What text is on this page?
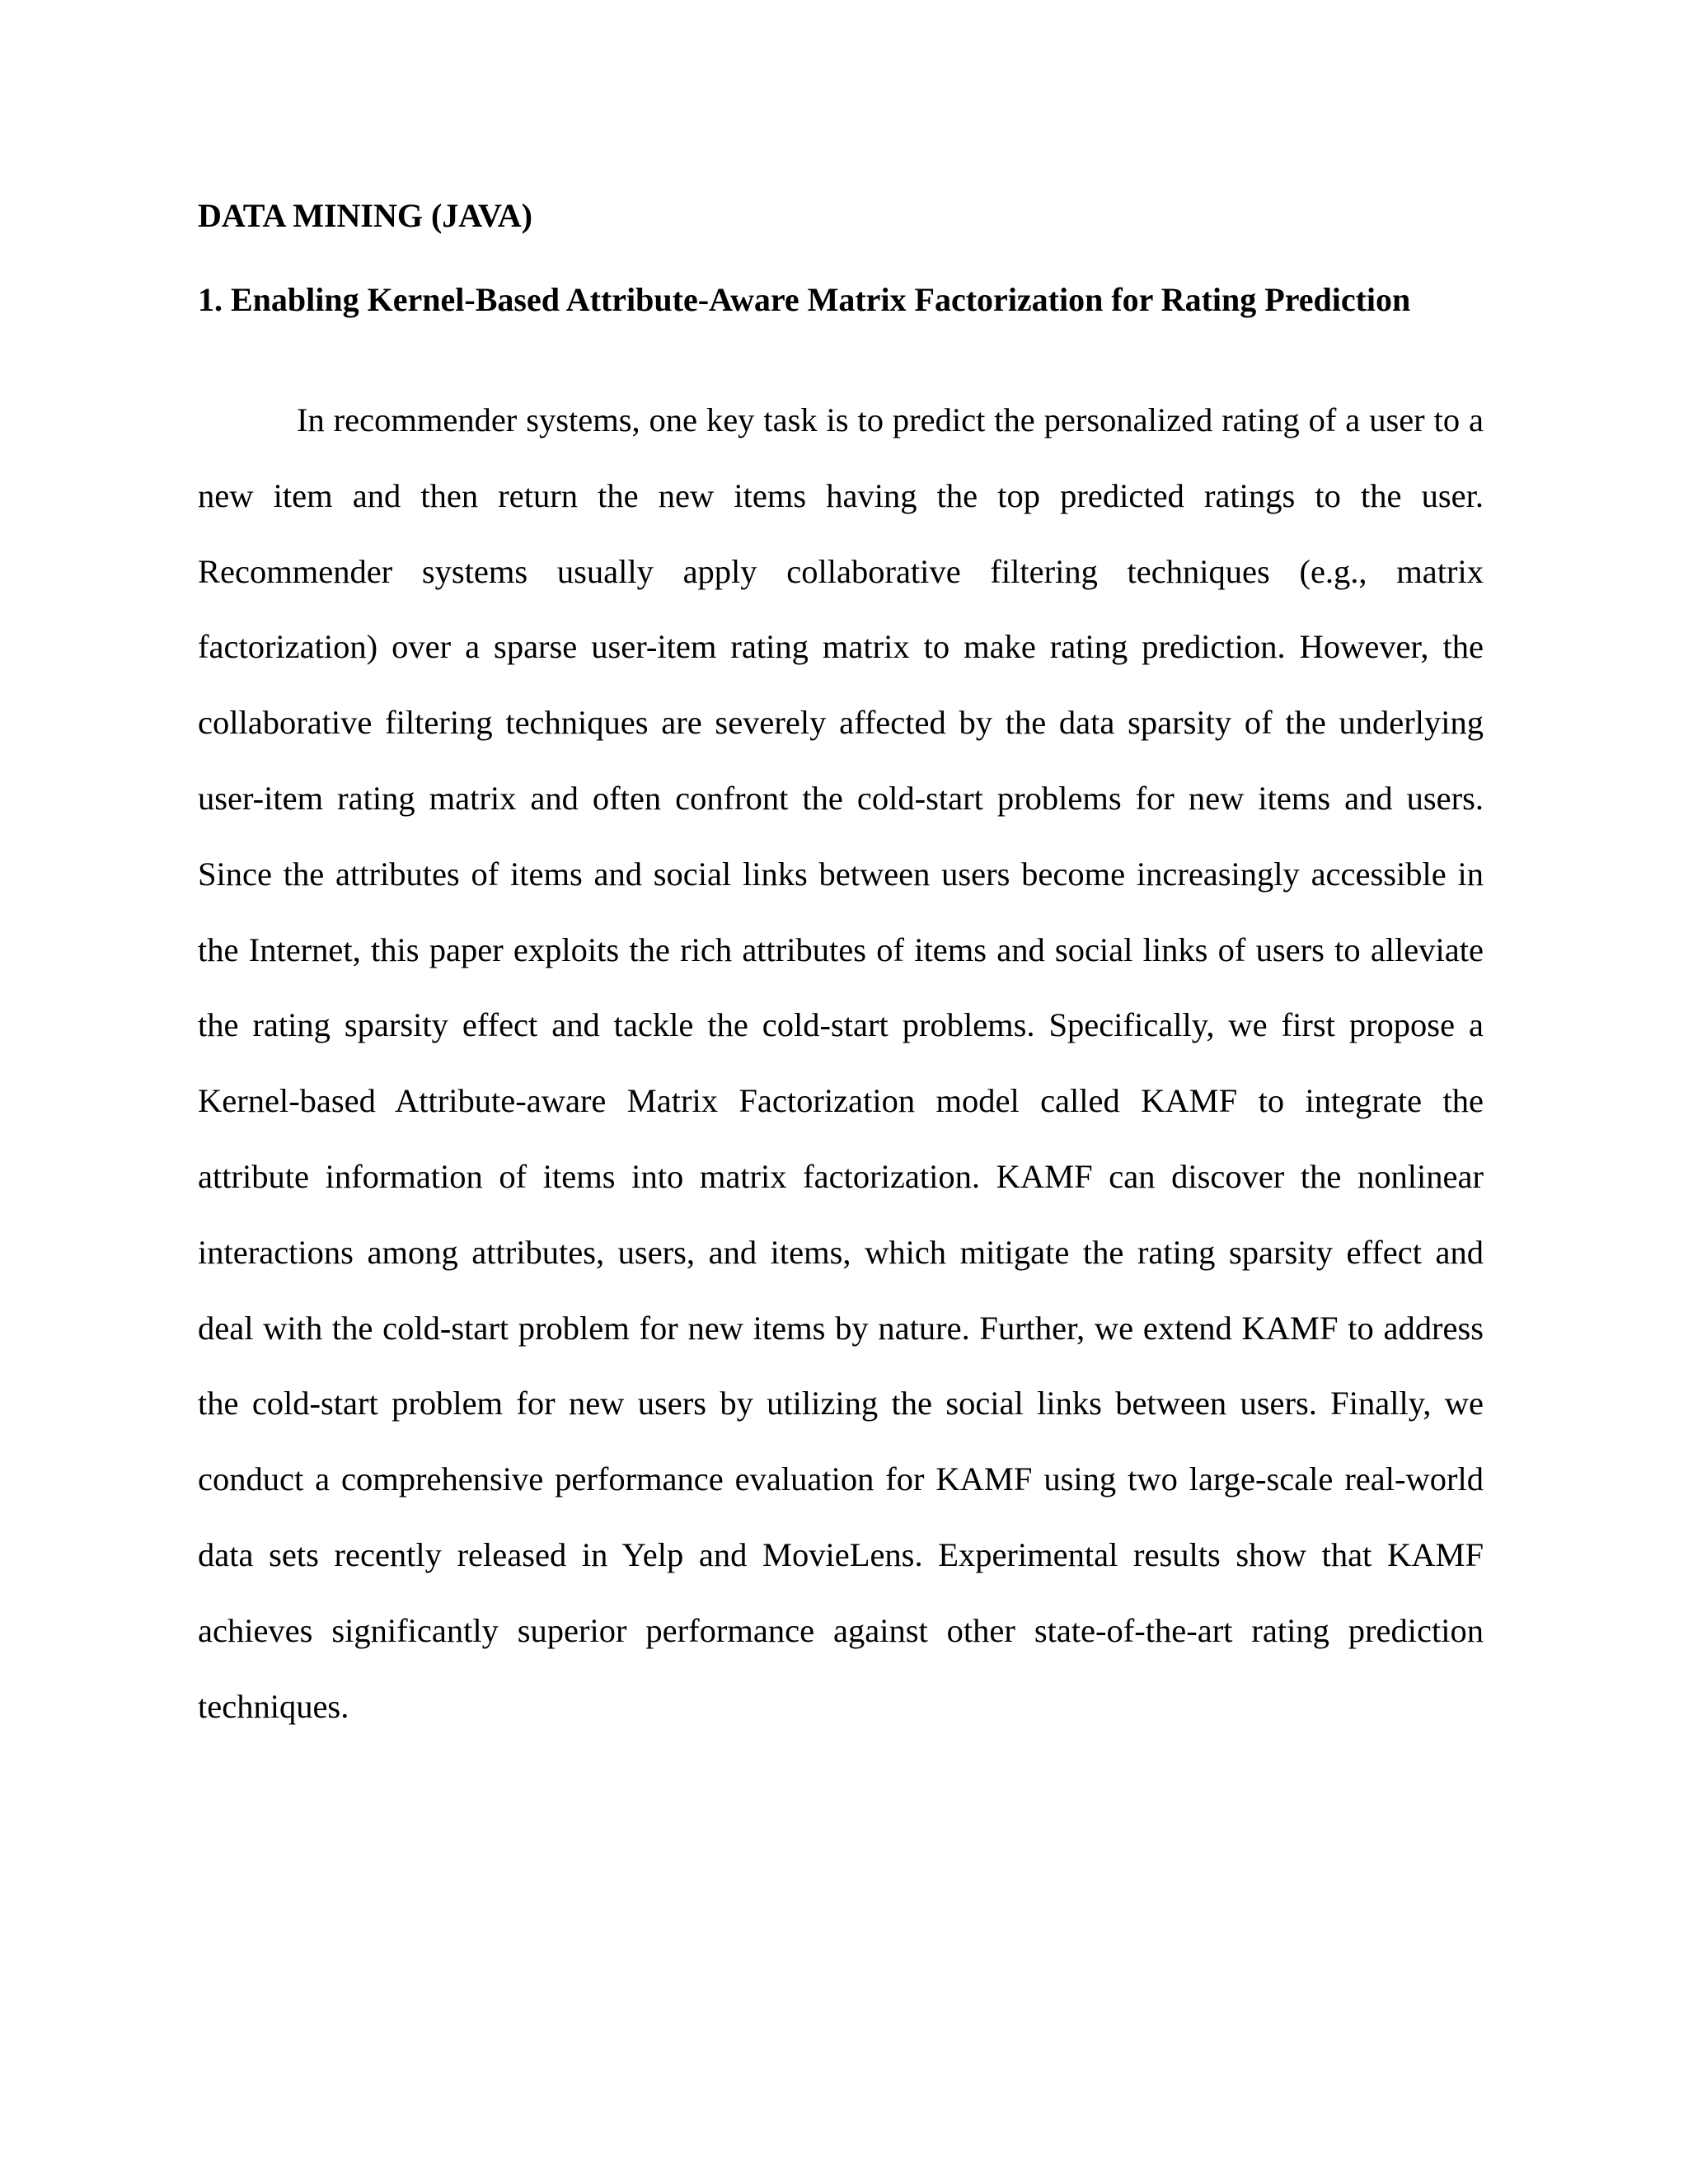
DATA MINING (JAVA)
1. Enabling Kernel-Based Attribute-Aware Matrix Factorization for Rating Prediction

In recommender systems, one key task is to predict the personalized rating of a user to a new item and then return the new items having the top predicted ratings to the user. Recommender systems usually apply collaborative filtering techniques (e.g., matrix factorization) over a sparse user-item rating matrix to make rating prediction. However, the collaborative filtering techniques are severely affected by the data sparsity of the underlying user-item rating matrix and often confront the cold-start problems for new items and users. Since the attributes of items and social links between users become increasingly accessible in the Internet, this paper exploits the rich attributes of items and social links of users to alleviate the rating sparsity effect and tackle the cold-start problems. Specifically, we first propose a Kernel-based Attribute-aware Matrix Factorization model called KAMF to integrate the attribute information of items into matrix factorization. KAMF can discover the nonlinear interactions among attributes, users, and items, which mitigate the rating sparsity effect and deal with the cold-start problem for new items by nature. Further, we extend KAMF to address the cold-start problem for new users by utilizing the social links between users. Finally, we conduct a comprehensive performance evaluation for KAMF using two large-scale real-world data sets recently released in Yelp and MovieLens. Experimental results show that KAMF achieves significantly superior performance against other state-of-the-art rating prediction techniques.
